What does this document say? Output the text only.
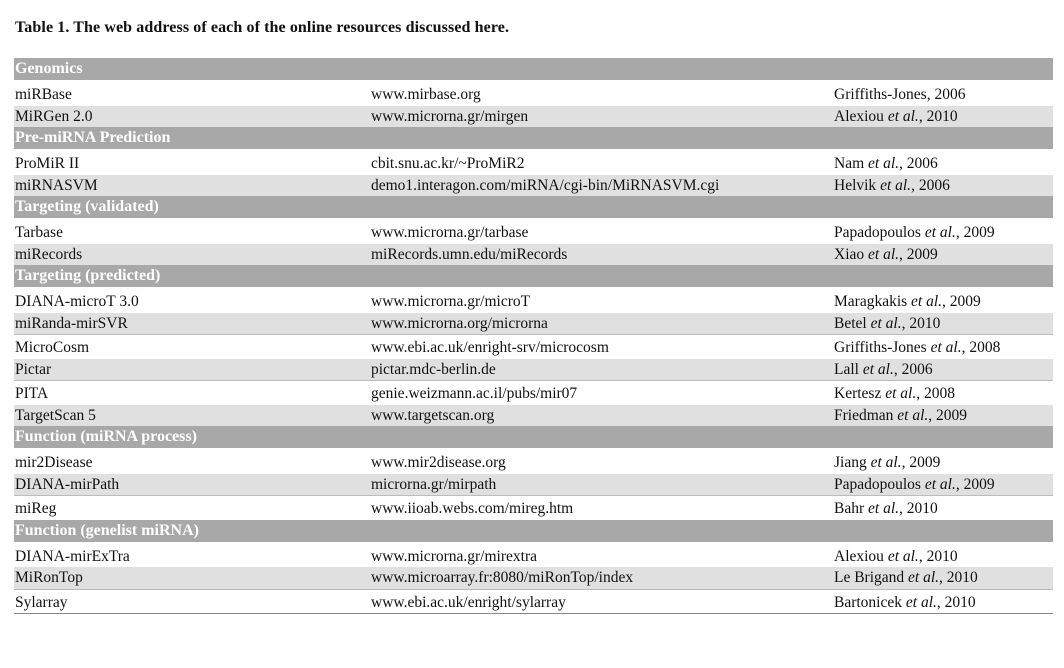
Table 1. The web address of each of the online resources discussed here.
Genomics		

miRBase	www.mirbase.org	Griffiths-Jones, 2006
MiRGen 2.0	www.microrna.gr/mirgen	Alexiou et al., 2010
Pre-miRNA Prediction		

ProMiR II	cbit.snu.ac.kr/~ProMiR2	Nam et al., 2006
miRNASVM	demo1.interagon.com/miRNA/cgi-bin/MiRNASVM.cgi	Helvik et al., 2006
Targeting (validated)		

Tarbase	www.microrna.gr/tarbase	Papadopoulos et al., 2009
miRecords	miRecords.umn.edu/miRecords	Xiao et al., 2009
Targeting (predicted)		

DIANA-microT 3.0	www.microrna.gr/microT	Maragkakis et al., 2009
miRanda-mirSVR	www.microrna.org/microrna	Betel et al., 2010

MicroCosm	www.ebi.ac.uk/enright-srv/microcosm	Griffiths-Jones et al., 2008
Pictar	pictar.mdc-berlin.de	Lall et al., 2006

PITA	genie.weizmann.ac.il/pubs/mir07	Kertesz et al., 2008
TargetScan 5	www.targetscan.org	Friedman et al., 2009
Function (miRNA process)		

mir2Disease	www.mir2disease.org	Jiang et al., 2009
DIANA-mirPath	microrna.gr/mirpath	Papadopoulos et al., 2009

miReg	www.iioab.webs.com/mireg.htm	Bahr et al., 2010
Function (genelist miRNA)		

DIANA-mirExTra	www.microrna.gr/mirextra	Alexiou et al., 2010
MiRonTop	www.microarray.fr:8080/miRonTop/index	Le Brigand et al., 2010

Sylarray	www.ebi.ac.uk/enright/sylarray	Bartonicek et al., 2010
